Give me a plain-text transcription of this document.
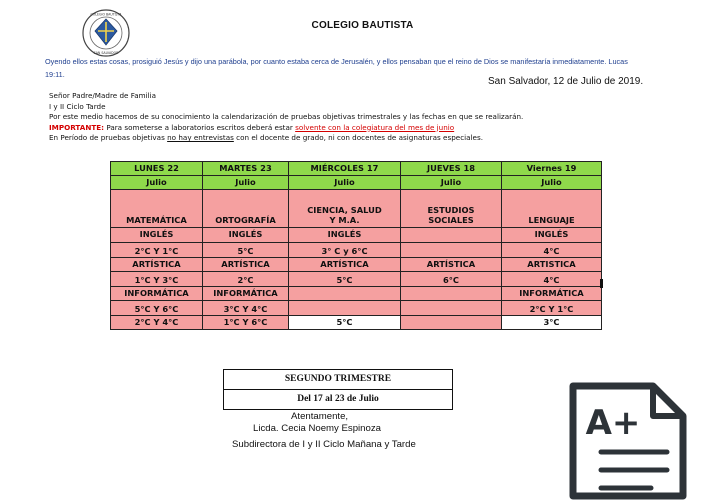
COLEGIO BAUTISTA
SAN SALVADOR
COLEGIO BAUTISTA
Oyendo ellos estas cosas, prosiguió Jesús y dijo una parábola, por cuanto estaba cerca de Jerusalén, y ellos pensaban que el reino de Dios se manifestaría inmediatamente. Lucas 19:11.
San Salvador, 12 de Julio de 2019.
Señor Padre/Madre de Familia
I y II Ciclo Tarde
Por este medio hacemos de su conocimiento la calendarización de pruebas objetivas trimestrales y las fechas en que se realizarán.
IMPORTANTE: Para someterse a laboratorios escritos deberá estar solvente con la colegiatura del mes de junio
En Período de pruebas objetivas no hay entrevistas con el docente de grado, ni con docentes de asignaturas especiales.
LUNES 22	MARTES 23	MIÉRCOLES 17	JUEVES 18	Viernes 19
Julio	Julio	Julio	Julio	Julio
MATEMÁTICA	ORTOGRAFÍA	CIENCIA, SALUD Y M.A.	ESTUDIOS SOCIALES	LENGUAJE
INGLÉS	INGLÉS	INGLÉS		INGLÉS
2°C Y 1°C	5°C	3° C y 6°C		4°C
ARTÍSTICA	ARTÍSTICA	ARTÍSTICA	ARTÍSTICA	ARTISTICA
1°C Y 3°C	2°C	5°C	6°C	4°C
INFORMÁTICA	INFORMÁTICA			INFORMÁTICA
5°C Y 6°C	3°C Y 4°C			2°C Y 1°C
2°C Y 4°C	1°C Y 6°C	5°C		3°C
SEGUNDO TRIMESTRE
Del 17 al 23 de Julio
Atentamente,
Licda. Cecia Noemy Espinoza
Subdirectora de I y II Ciclo Mañana y Tarde
A+
